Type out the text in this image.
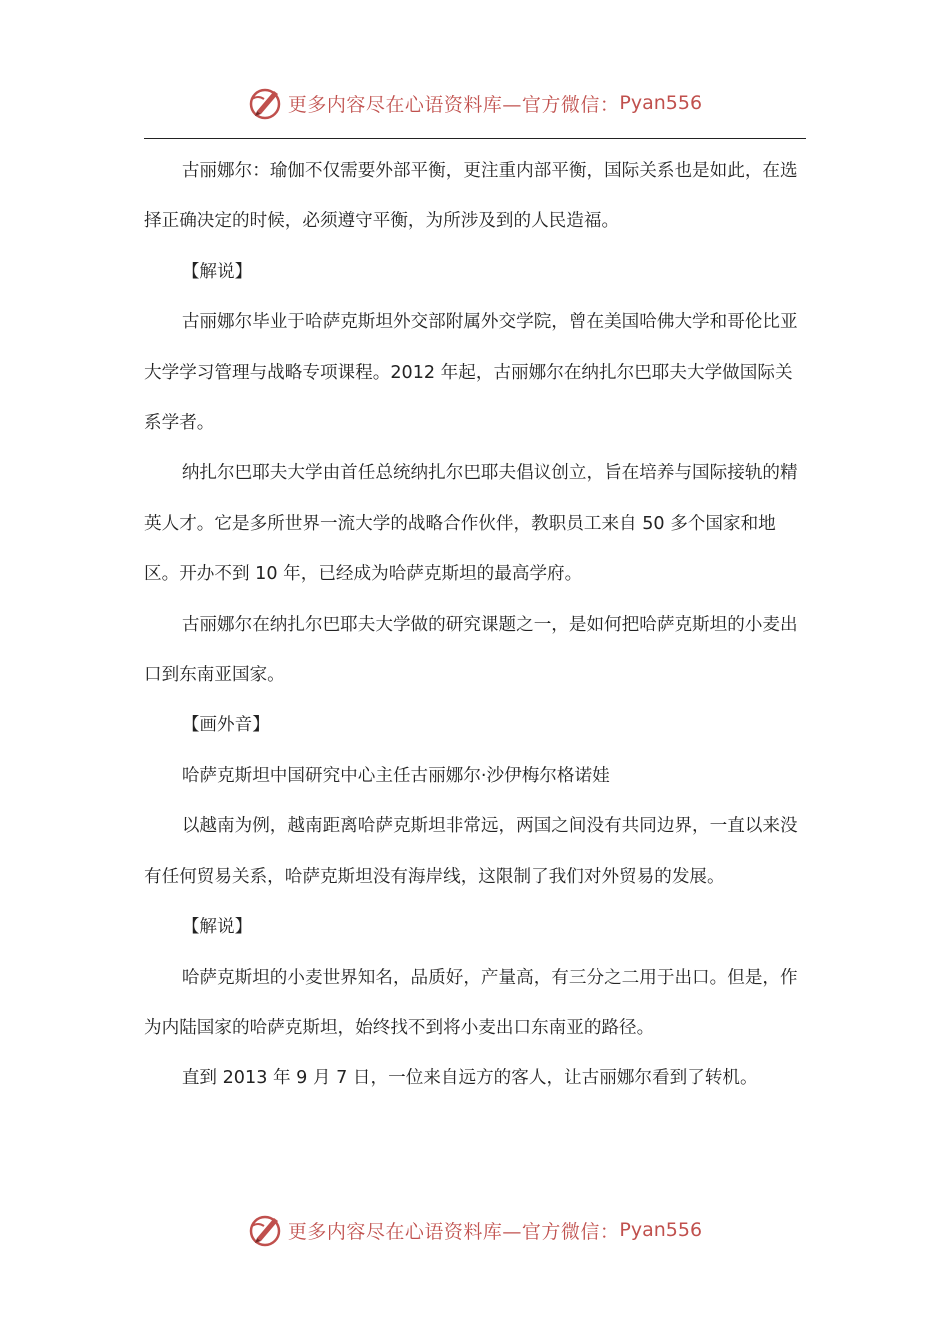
更多内容尽在心语资料库—官方微信： Pyan556

古丽娜尔：瑜伽不仅需要外部平衡，更注重内部平衡，国际关系也是如此，在选择正确决定的时候，必须遵守平衡，为所涉及到的人民造福。

【解说】

古丽娜尔毕业于哈萨克斯坦外交部附属外交学院，曾在美国哈佛大学和哥伦比亚大学学习管理与战略专项课程。2012 年起，古丽娜尔在纳扎尔巴耶夫大学做国际关系学者。

纳扎尔巴耶夫大学由首任总统纳扎尔巴耶夫倡议创立，旨在培养与国际接轨的精英人才。它是多所世界一流大学的战略合作伙伴，教职员工来自 50 多个国家和地区。开办不到 10 年，已经成为哈萨克斯坦的最高学府。

古丽娜尔在纳扎尔巴耶夫大学做的研究课题之一，是如何把哈萨克斯坦的小麦出口到东南亚国家。

【画外音】

哈萨克斯坦中国研究中心主任古丽娜尔·沙伊梅尔格诺娃

以越南为例，越南距离哈萨克斯坦非常远，两国之间没有共同边界，一直以来没有任何贸易关系，哈萨克斯坦没有海岸线，这限制了我们对外贸易的发展。

【解说】

哈萨克斯坦的小麦世界知名，品质好，产量高，有三分之二用于出口。但是，作为内陆国家的哈萨克斯坦，始终找不到将小麦出口东南亚的路径。

直到 2013 年 9 月 7 日，一位来自远方的客人，让古丽娜尔看到了转机。

更多内容尽在心语资料库—官方微信： Pyan556
